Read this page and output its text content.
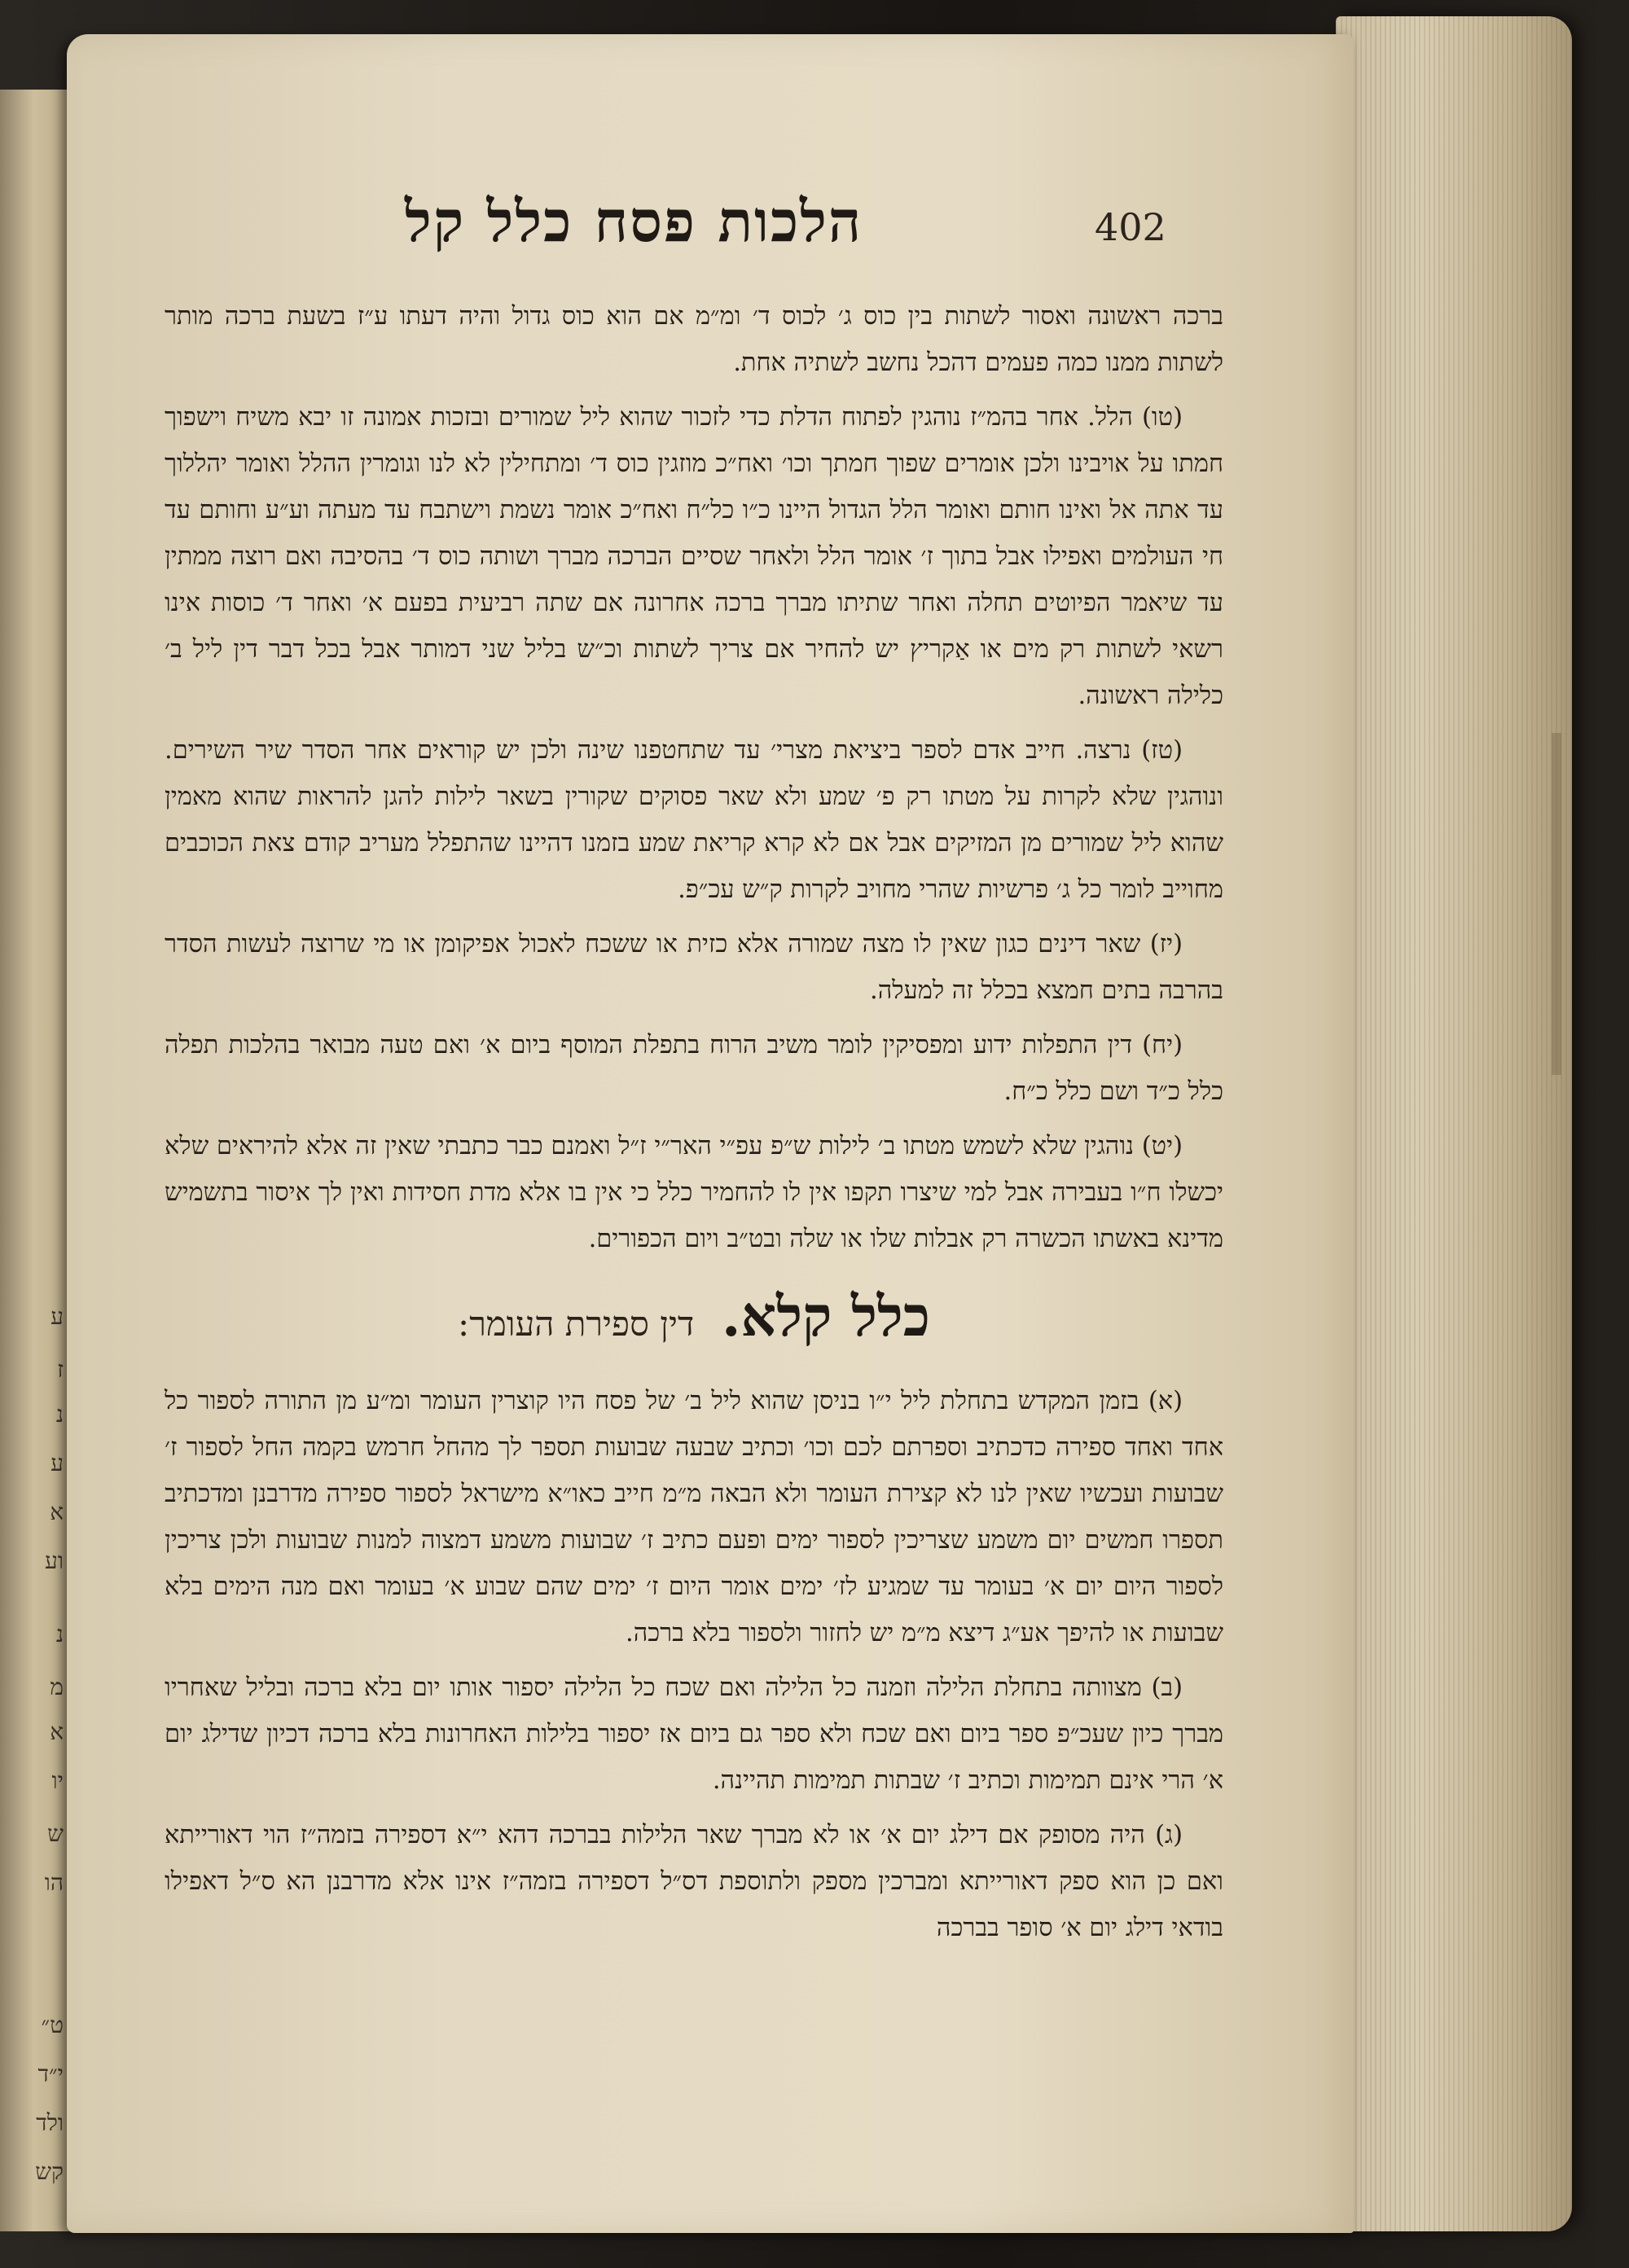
ע
ז
נ
ע
א
וע
נ
מ
א
יו
ש
הו
ט״
י״ד
ולד
קש
הלכות פסח כלל קל	402

ברכה ראשונה ואסור לשתות בין כוס ג׳ לכוס ד׳ ומ״מ אם הוא כוס גדול והיה דעתו ע״ז בשעת ברכה מותר לשתות ממנו כמה פעמים דהכל נחשב לשתיה אחת.

(טו) הלל. אחר בהמ״ז נוהגין לפתוח הדלת כדי לזכור שהוא ליל שמורים ובזכות אמונה זו יבא משיח וישפוך חמתו על אויבינו ולכן אומרים שפוך חמתך וכו׳ ואח״כ מוזגין כוס ד׳ ומתחילין לא לנו וגומרין ההלל ואומר יהללוך עד אתה אל ואינו חותם ואומר הלל הגדול היינו כ״ו כל״ח ואח״כ אומר נשמת וישתבח עד מעתה וע״ע וחותם עד חי העולמים ואפילו אבל בתוך ז׳ אומר הלל ולאחר שסיים הברכה מברך ושותה כוס ד׳ בהסיבה ואם רוצה ממתין עד שיאמר הפיוטים תחלה ואחר שתיתו מברך ברכה אחרונה אם שתה רביעית בפעם א׳ ואחר ד׳ כוסות אינו רשאי לשתות רק מים או אַקריץ יש להחיר אם צריך לשתות וכ״ש בליל שני דמותר אבל בכל דבר דין ליל ב׳ כלילה ראשונה.

(טז) נרצה. חייב אדם לספר ביציאת מצרי׳ עד שתחטפנו שינה ולכן יש קוראים אחר הסדר שיר השירים. ונוהגין שלא לקרות על מטתו רק פ׳ שמע ולא שאר פסוקים שקורין בשאר לילות להגן להראות שהוא מאמין שהוא ליל שמורים מן המזיקים אבל אם לא קרא קריאת שמע בזמנו דהיינו שהתפלל מעריב קודם צאת הכוכבים מחוייב לומר כל ג׳ פרשיות שהרי מחויב לקרות ק״ש עכ״פ.

(יז) שאר דינים כגון שאין לו מצה שמורה אלא כזית או ששכח לאכול אפיקומן או מי שרוצה לעשות הסדר בהרבה בתים חמצא בכלל זה למעלה.

(יח) דין התפלות ידוע ומפסיקין לומר משיב הרוח בתפלת המוסף ביום א׳ ואם טעה מבואר בהלכות תפלה כלל כ״ד ושם כלל כ״ח.

(יט) נוהגין שלא לשמש מטתו ב׳ לילות ש״פ עפ״י האר״י ז״ל ואמנם כבר כתבתי שאין זה אלא להיראים שלא יכשלו ח״ו בעבירה אבל למי שיצרו תקפו אין לו להחמיר כלל כי אין בו אלא מדת חסידות ואין לך איסור בתשמיש מדינא באשתו הכשרה רק אבלות שלו או שלה ובט״ב ויום הכפורים.

כלל קלא. דין ספירת העומר:

(א) בזמן המקדש בתחלת ליל י״ו בניסן שהוא ליל ב׳ של פסח היו קוצרין העומר ומ״ע מן התורה לספור כל אחד ואחד ספירה כדכתיב וספרתם לכם וכו׳ וכתיב שבעה שבועות תספר לך מהחל חרמש בקמה החל לספור ז׳ שבועות ועכשיו שאין לנו לא קצירת העומר ולא הבאה מ״מ חייב כאו״א מישראל לספור ספירה מדרבנן ומדכתיב תספרו חמשים יום משמע שצריכין לספור ימים ופעם כתיב ז׳ שבועות משמע דמצוה למנות שבועות ולכן צריכין לספור היום יום א׳ בעומר עד שמגיע לז׳ ימים אומר היום ז׳ ימים שהם שבוע א׳ בעומר ואם מנה הימים בלא שבועות או להיפך אע״ג דיצא מ״מ יש לחזור ולספור בלא ברכה.

(ב) מצוותה בתחלת הלילה וזמנה כל הלילה ואם שכח כל הלילה יספור אותו יום בלא ברכה ובליל שאחריו מברך כיון שעכ״פ ספר ביום ואם שכח ולא ספר גם ביום אז יספור בלילות האחרונות בלא ברכה דכיון שדילג יום א׳ הרי אינם תמימות וכתיב ז׳ שבתות תמימות תהיינה.

(ג) היה מסופק אם דילג יום א׳ או לא מברך שאר הלילות בברכה דהא י״א דספירה בזמה״ז הוי דאורייתא ואם כן הוא ספק דאורייתא ומברכין מספק ולתוספת דס״ל דספירה בזמה״ז אינו אלא מדרבנן הא ס״ל דאפילו בודאי דילג יום א׳ סופר בברכה
